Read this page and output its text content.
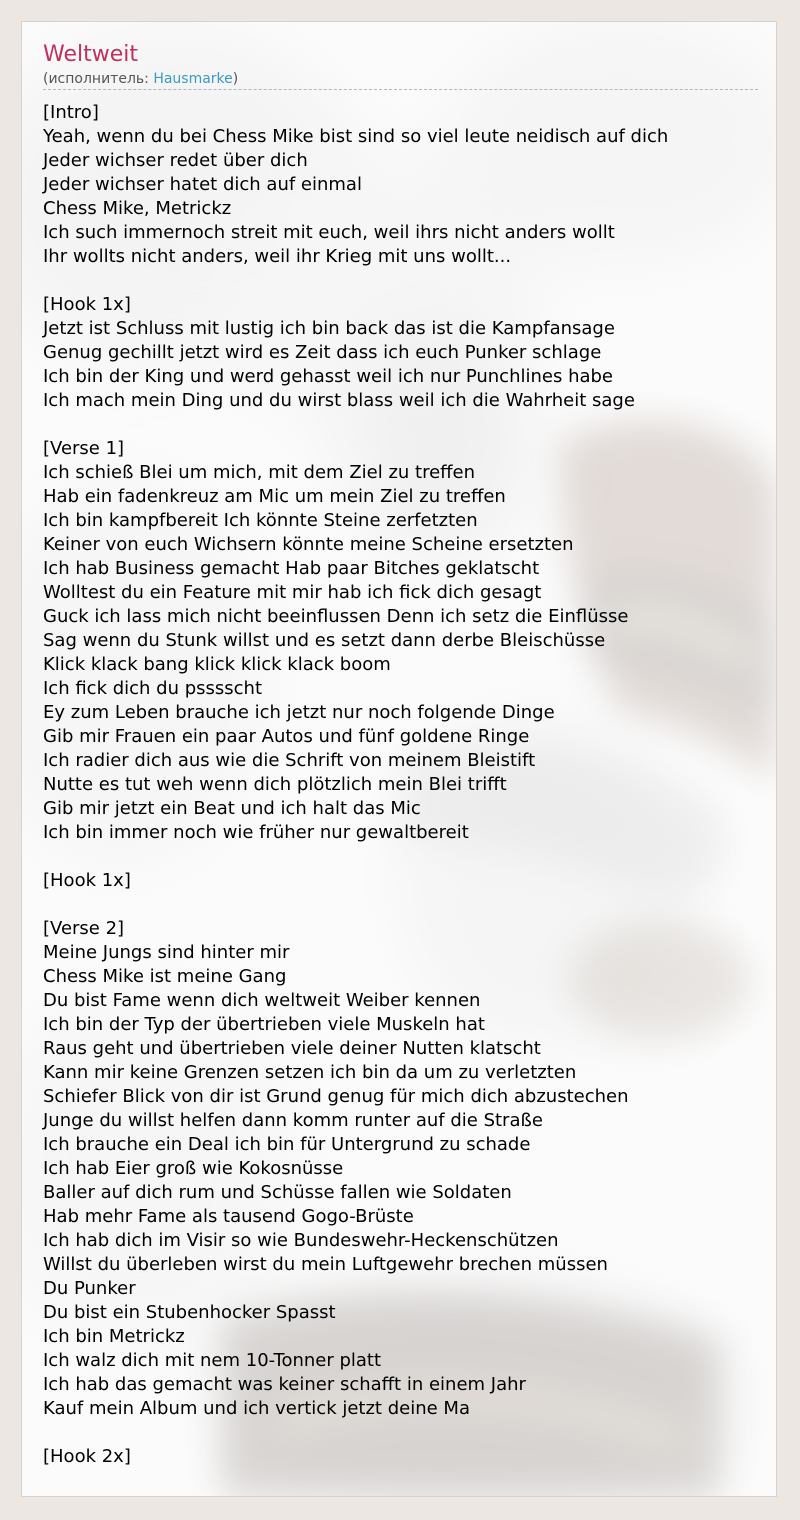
Weltweit
(исполнитель: Hausmarke)
[Intro]
Yeah, wenn du bei Chess Mike bist sind so viel leute neidisch auf dich
Jeder wichser redet über dich
Jeder wichser hatet dich auf einmal
Chess Mike, Metrickz
Ich such immernoch streit mit euch, weil ihrs nicht anders wollt
Ihr wollts nicht anders, weil ihr Krieg mit uns wollt...
[Hook 1x]
Jetzt ist Schluss mit lustig ich bin back das ist die Kampfansage
Genug gechillt jetzt wird es Zeit dass ich euch Punker schlage
Ich bin der King und werd gehasst weil ich nur Punchlines habe
Ich mach mein Ding und du wirst blass weil ich die Wahrheit sage
[Verse 1]
Ich schieß Blei um mich, mit dem Ziel zu treffen
Hab ein fadenkreuz am Mic um mein Ziel zu treffen
Ich bin kampfbereit Ich könnte Steine zerfetzten
Keiner von euch Wichsern könnte meine Scheine ersetzten
Ich hab Business gemacht Hab paar Bitches geklatscht
Wolltest du ein Feature mit mir hab ich fick dich gesagt
Guck ich lass mich nicht beeinflussen Denn ich setz die Einflüsse
Sag wenn du Stunk willst und es setzt dann derbe Bleischüsse
Klick klack bang klick klick klack boom
Ich fick dich du pssssсht
Ey zum Leben brauche ich jetzt nur noch folgende Dinge
Gib mir Frauen ein paar Autos und fünf goldene Ringe
Ich radier dich aus wie die Schrift von meinem Bleistift
Nutte es tut weh wenn dich plötzlich mein Blei trifft
Gib mir jetzt ein Beat und ich halt das Mic
Ich bin immer noch wie früher nur gewaltbereit
[Hook 1x]
[Verse 2]
Meine Jungs sind hinter mir
Chess Mike ist meine Gang
Du bist Fame wenn dich weltweit Weiber kennen
Ich bin der Typ der übertrieben viele Muskeln hat
Raus geht und übertrieben viele deiner Nutten klatscht
Kann mir keine Grenzen setzen ich bin da um zu verletzten
Schiefer Blick von dir ist Grund genug für mich dich abzustechen
Junge du willst helfen dann komm runter auf die Straße
Ich brauche ein Deal ich bin für Untergrund zu schade
Ich hab Eier groß wie Kokosnüsse
Baller auf dich rum und Schüsse fallen wie Soldaten
Hab mehr Fame als tausend Gogo-Brüste
Ich hab dich im Visir so wie Bundeswehr-Heckenschützen
Willst du überleben wirst du mein Luftgewehr brechen müssen
Du Punker
Du bist ein Stubenhocker Spasst
Ich bin Metrickz
Ich walz dich mit nem 10-Tonner platt
Ich hab das gemacht was keiner schafft in einem Jahr
Kauf mein Album und ich vertick jetzt deine Ma
[Hook 2x]
